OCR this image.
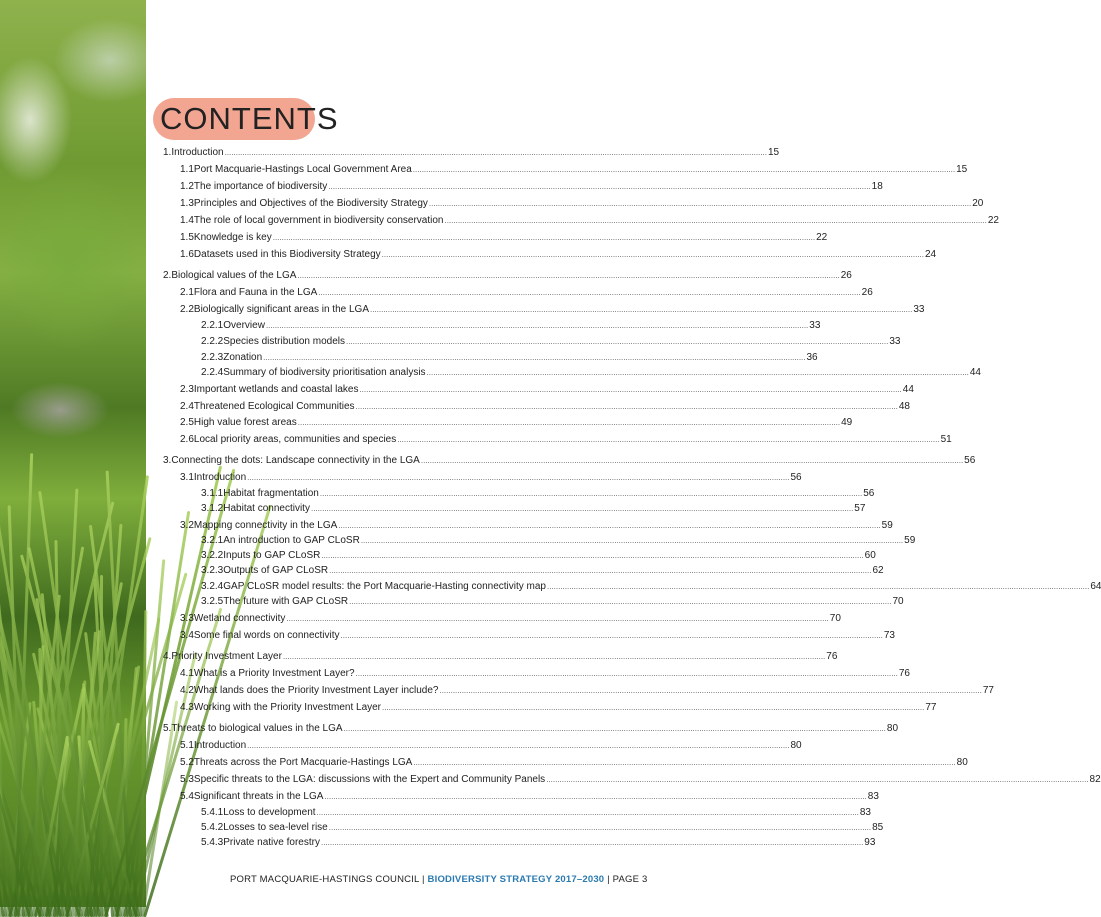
CONTENTS
1. Introduction .....	15
1.1 Port Macquarie-Hastings Local Government Area .....	15
1.2 The importance of biodiversity .....	18
1.3 Principles and Objectives of the Biodiversity Strategy .....	20
1.4 The role of local government in biodiversity conservation .....	22
1.5 Knowledge is key .....	22
1.6 Datasets used in this Biodiversity Strategy .....	24
2. Biological values of the LGA .....	26
2.1 Flora and Fauna in the LGA .....	26
2.2 Biologically significant areas in the LGA .....	33
2.2.1 Overview .....	33
2.2.2 Species distribution models .....	33
2.2.3 Zonation .....	36
2.2.4 Summary of biodiversity prioritisation analysis .....	44
2.3 Important wetlands and coastal lakes .....	44
2.4 Threatened Ecological Communities .....	48
2.5 High value forest areas .....	49
2.6 Local priority areas, communities and species .....	51
3. Connecting the dots: Landscape connectivity in the LGA .....	56
3.1 Introduction .....	56
3.1.1 Habitat fragmentation .....	56
3.1.2 Habitat connectivity .....	57
3.2 Mapping connectivity in the LGA .....	59
3.2.1 An introduction to GAP CLoSR .....	59
3.2.2 Inputs to GAP CLoSR .....	60
3.2.3 Outputs of GAP CLoSR .....	62
3.2.4 GAP CLoSR model results: the Port Macquarie-Hasting connectivity map .....	64
3.2.5 The future with GAP CLoSR .....	70
3.3 Wetland connectivity .....	70
3.4 Some final words on connectivity .....	73
4. Priority Investment Layer .....	76
4.1 What is a Priority Investment Layer? .....	76
4.2 What lands does the Priority Investment Layer include? .....	77
4.3 Working with the Priority Investment Layer .....	77
5. Threats to biological values in the LGA .....	80
5.1 Introduction .....	80
5.2 Threats across the Port Macquarie-Hastings LGA .....	80
5.3 Specific threats to the LGA: discussions with the Expert and Community Panels .....	82
5.4 Significant threats in the LGA .....	83
5.4.1 Loss to development .....	83
5.4.2 Losses to sea-level rise .....	85
5.4.3 Private native forestry .....	93
PORT MACQUARIE-HASTINGS COUNCIL | BIODIVERSITY STRATEGY 2017–2030 | PAGE 3
